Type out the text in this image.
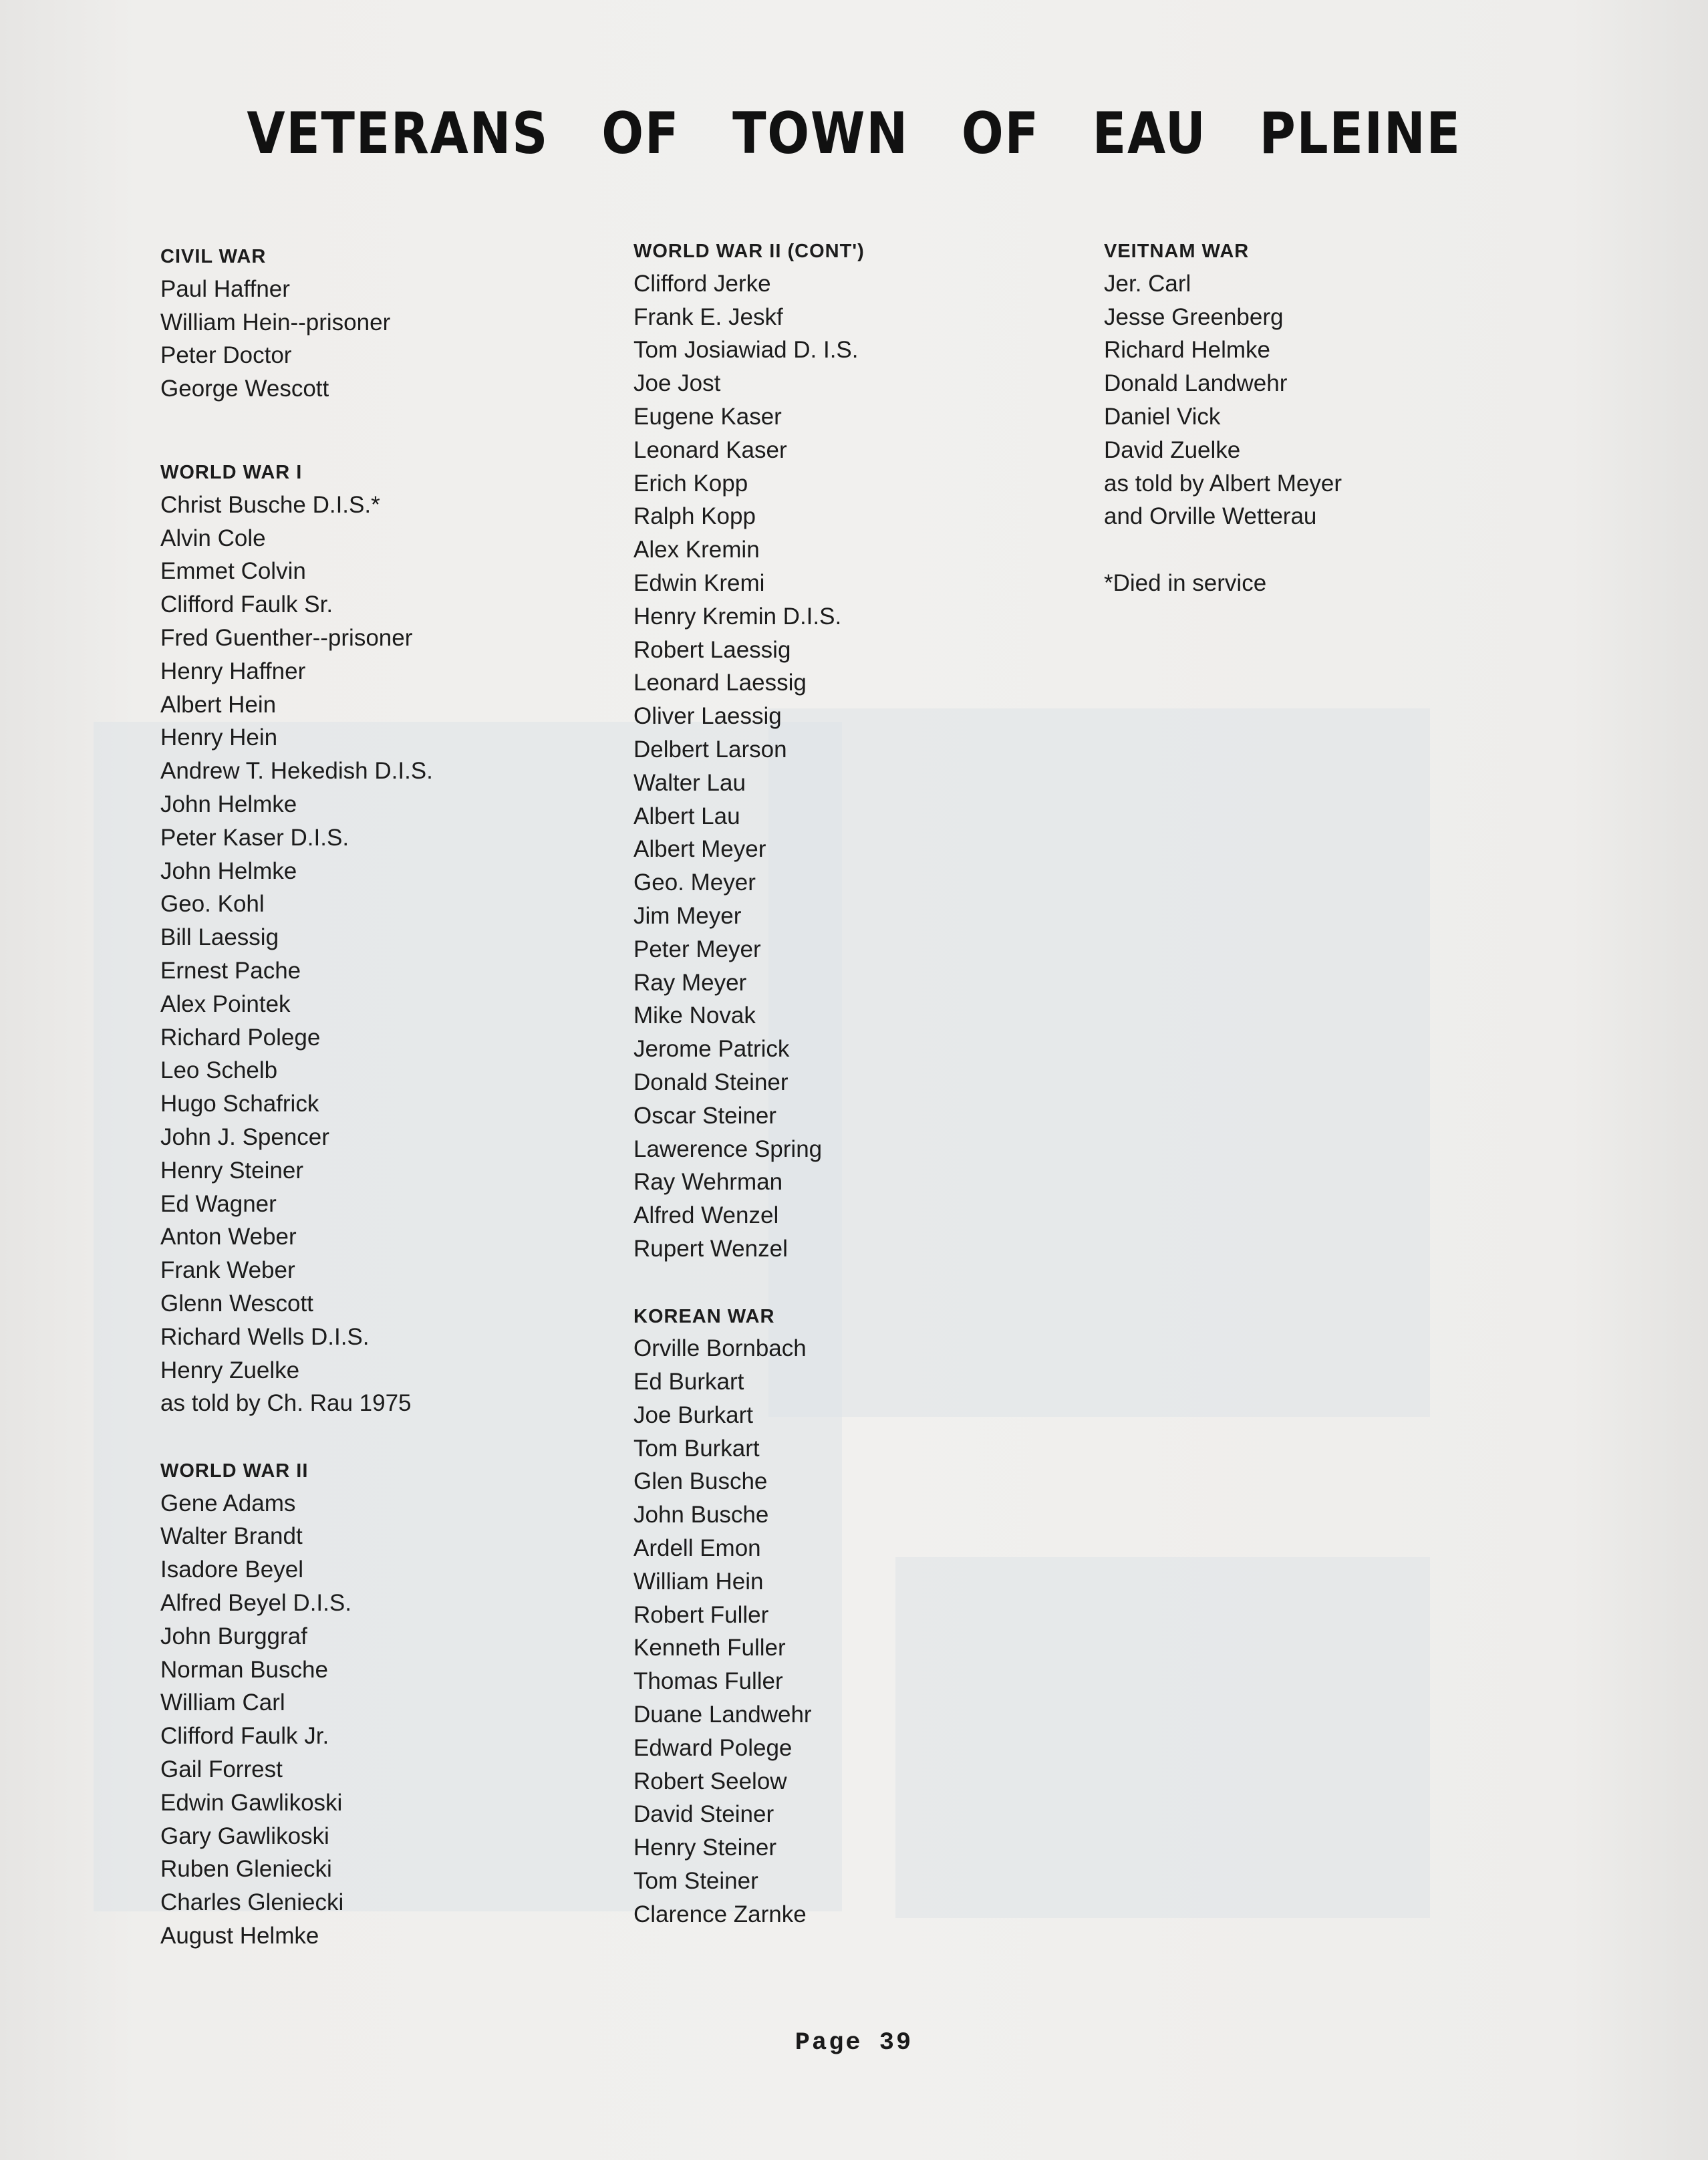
VETERANS OF TOWN OF EAU PLEINE
CIVIL WAR
Paul Haffner
William Hein--prisoner
Peter Doctor
George Wescott
WORLD WAR I
Christ Busche D.I.S.*
Alvin Cole
Emmet Colvin
Clifford Faulk Sr.
Fred Guenther--prisoner
Henry Haffner
Albert Hein
Henry Hein
Andrew T. Hekedish D.I.S.
John Helmke
Peter Kaser D.I.S.
John Helmke
Geo. Kohl
Bill Laessig
Ernest Pache
Alex Pointek
Richard Polege
Leo Schelb
Hugo Schafrick
John J. Spencer
Henry Steiner
Ed Wagner
Anton Weber
Frank Weber
Glenn Wescott
Richard Wells D.I.S.
Henry Zuelke
as told by Ch. Rau 1975
WORLD WAR II
Gene Adams
Walter Brandt
Isadore Beyel
Alfred Beyel D.I.S.
John Burggraf
Norman Busche
William Carl
Clifford Faulk Jr.
Gail Forrest
Edwin Gawlikoski
Gary Gawlikoski
Ruben Gleniecki
Charles Gleniecki
August Helmke
WORLD WAR II (CONT')
Clifford Jerke
Frank E. Jeskf
Tom Josiawiad D. I.S.
Joe Jost
Eugene Kaser
Leonard Kaser
Erich Kopp
Ralph Kopp
Alex Kremin
Edwin Kremi
Henry Kremin D.I.S.
Robert Laessig
Leonard Laessig
Oliver Laessig
Delbert Larson
Walter Lau
Albert Lau
Albert Meyer
Geo. Meyer
Jim Meyer
Peter Meyer
Ray Meyer
Mike Novak
Jerome Patrick
Donald Steiner
Oscar Steiner
Lawerence Spring
Ray Wehrman
Alfred Wenzel
Rupert Wenzel
KOREAN WAR
Orville Bornbach
Ed Burkart
Joe Burkart
Tom Burkart
Glen Busche
John Busche
Ardell Emon
William Hein
Robert Fuller
Kenneth Fuller
Thomas Fuller
Duane Landwehr
Edward Polege
Robert Seelow
David Steiner
Henry Steiner
Tom Steiner
Clarence Zarnke
VEITNAM WAR
Jer. Carl
Jesse Greenberg
Richard Helmke
Donald Landwehr
Daniel Vick
David Zuelke
as told by Albert Meyer
and Orville Wetterau
*Died in service
Page 39
